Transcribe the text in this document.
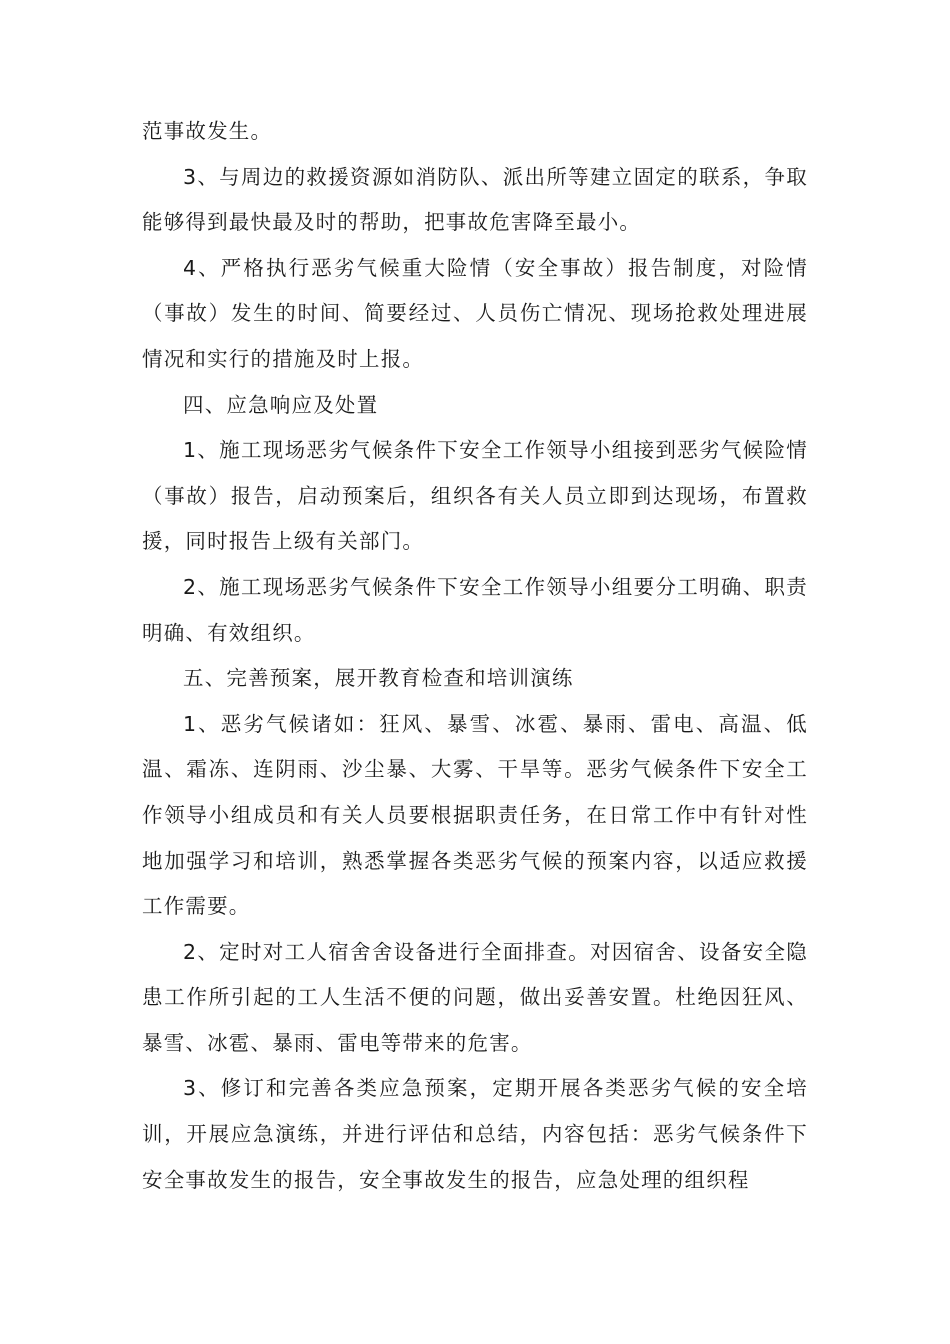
范事故发生。

3、与周边的救援资源如消防队、派出所等建立固定的联系，争取能够得到最快最及时的帮助，把事故危害降至最小。

4、严格执行恶劣气候重大险情（安全事故）报告制度，对险情（事故）发生的时间、简要经过、人员伤亡情况、现场抢救处理进展情况和实行的措施及时上报。

四、应急响应及处置

1、施工现场恶劣气候条件下安全工作领导小组接到恶劣气候险情（事故）报告，启动预案后，组织各有关人员立即到达现场，布置救援，同时报告上级有关部门。

2、施工现场恶劣气候条件下安全工作领导小组要分工明确、职责明确、有效组织。

五、完善预案，展开教育检查和培训演练

1、恶劣气候诸如：狂风、暴雪、冰雹、暴雨、雷电、高温、低温、霜冻、连阴雨、沙尘暴、大雾、干旱等。恶劣气候条件下安全工作领导小组成员和有关人员要根据职责任务，在日常工作中有针对性地加强学习和培训，熟悉掌握各类恶劣气候的预案内容，以适应救援工作需要。

2、定时对工人宿舍舍设备进行全面排查。对因宿舍、设备安全隐患工作所引起的工人生活不便的问题，做出妥善安置。杜绝因狂风、暴雪、冰雹、暴雨、雷电等带来的危害。

3、修订和完善各类应急预案，定期开展各类恶劣气候的安全培训，开展应急演练，并进行评估和总结，内容包括：恶劣气候条件下安全事故发生的报告，安全事故发生的报告，应急处理的组织程
